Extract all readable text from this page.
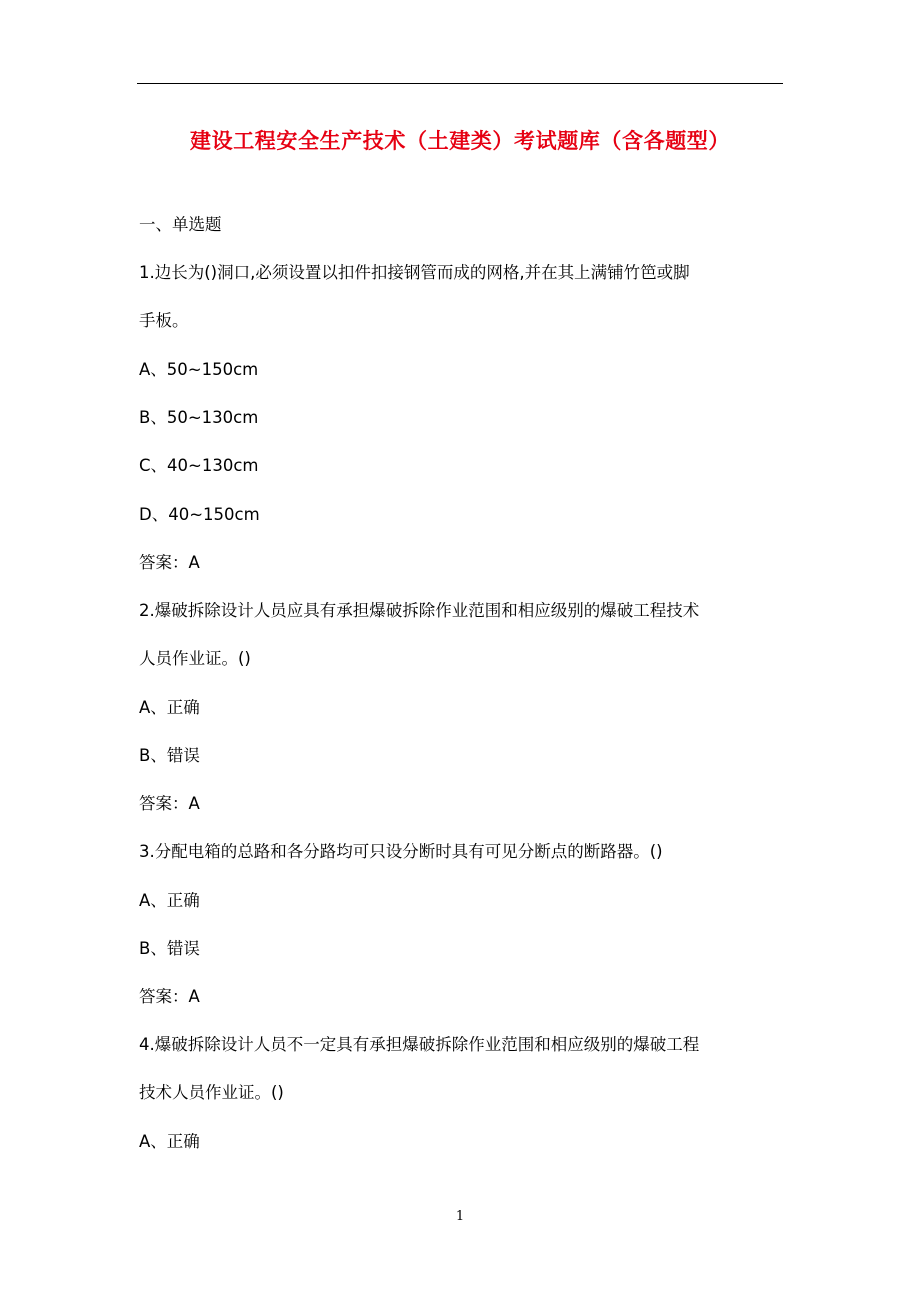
建设工程安全生产技术（土建类）考试题库（含各题型）
一、单选题
1.边长为()洞口,必须设置以扣件扣接钢管而成的网格,并在其上满铺竹笆或脚
手板。
A、50~150cm
B、50~130cm
C、40~130cm
D、40~150cm
答案：A
2.爆破拆除设计人员应具有承担爆破拆除作业范围和相应级别的爆破工程技术
人员作业证。()
A、正确
B、错误
答案：A
3.分配电箱的总路和各分路均可只设分断时具有可见分断点的断路器。()
A、正确
B、错误
答案：A
4.爆破拆除设计人员不一定具有承担爆破拆除作业范围和相应级别的爆破工程
技术人员作业证。()
A、正确
1
